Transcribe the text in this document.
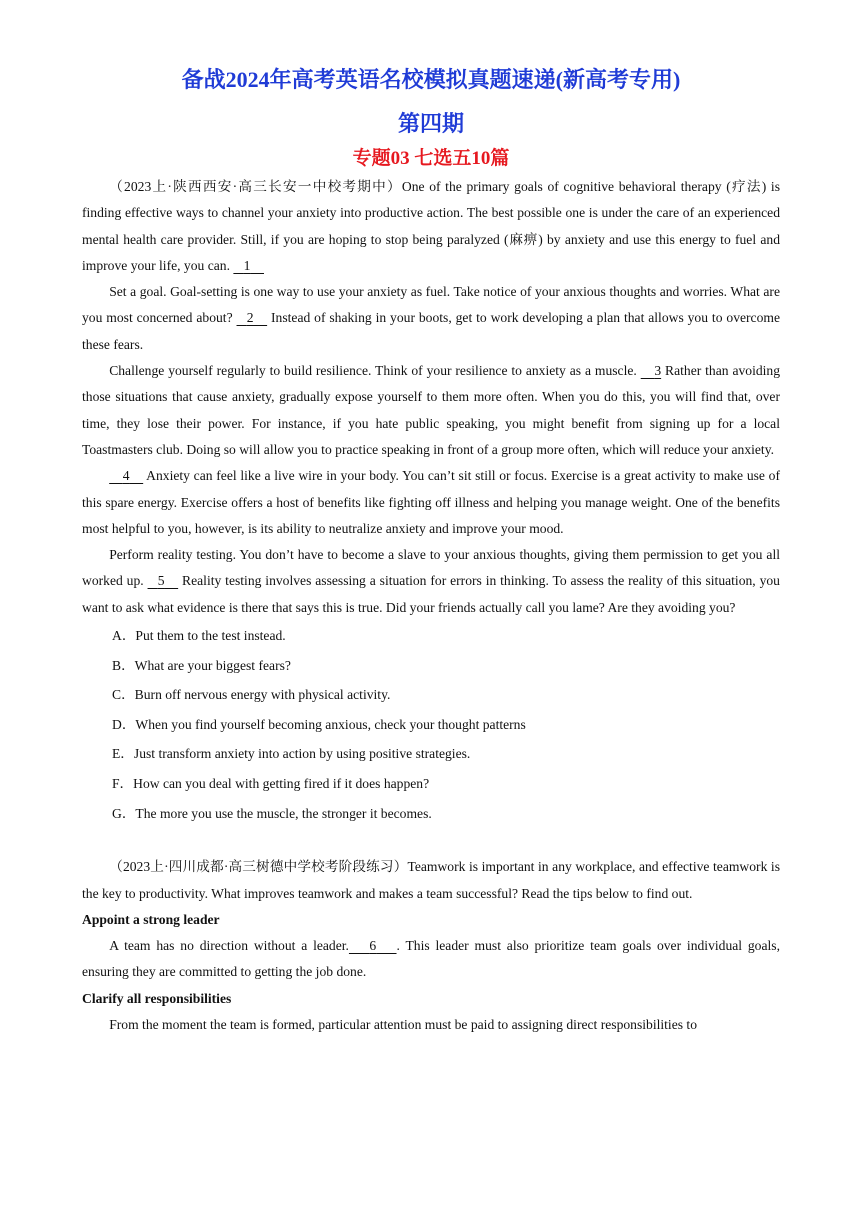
备战2024年高考英语名校模拟真题速递(新高考专用)
第四期
专题03 七选五10篇

（2023上·陕西西安·高三长安一中校考期中）One of the primary goals of cognitive behavioral therapy (疗法) is finding effective ways to channel your anxiety into productive action. The best possible one is under the care of an experienced mental health care provider. Still, if you are hoping to stop being paralyzed (麻痹) by anxiety and use this energy to fuel and improve your life, you can. 1

Set a goal. Goal-setting is one way to use your anxiety as fuel. Take notice of your anxious thoughts and worries. What are you most concerned about? 2 Instead of shaking in your boots, get to work developing a plan that allows you to overcome these fears.

Challenge yourself regularly to build resilience. Think of your resilience to anxiety as a muscle. 3 Rather than avoiding those situations that cause anxiety, gradually expose yourself to them more often. When you do this, you will find that, over time, they lose their power. For instance, if you hate public speaking, you might benefit from signing up for a local Toastmasters club. Doing so will allow you to practice speaking in front of a group more often, which will reduce your anxiety.

4 Anxiety can feel like a live wire in your body. You can’t sit still or focus. Exercise is a great activity to make use of this spare energy. Exercise offers a host of benefits like fighting off illness and helping you manage weight. One of the benefits most helpful to you, however, is its ability to neutralize anxiety and improve your mood.

Perform reality testing. You don’t have to become a slave to your anxious thoughts, giving them permission to get you all worked up. 5 Reality testing involves assessing a situation for errors in thinking. To assess the reality of this situation, you want to ask what evidence is there that says this is true. Did your friends actually call you lame? Are they avoiding you?

A．Put them to the test instead.

B．What are your biggest fears?

C．Burn off nervous energy with physical activity.

D．When you find yourself becoming anxious, check your thought patterns

E．Just transform anxiety into action by using positive strategies.

F．How can you deal with getting fired if it does happen?

G．The more you use the muscle, the stronger it becomes.

（2023上·四川成都·高三树德中学校考阶段练习）Teamwork is important in any workplace, and effective teamwork is the key to productivity. What improves teamwork and makes a team successful? Read the tips below to find out.

Appoint a strong leader

A team has no direction without a leader. 6 . This leader must also prioritize team goals over individual goals, ensuring they are committed to getting the job done.

Clarify all responsibilities

From the moment the team is formed, particular attention must be paid to assigning direct responsibilities to
